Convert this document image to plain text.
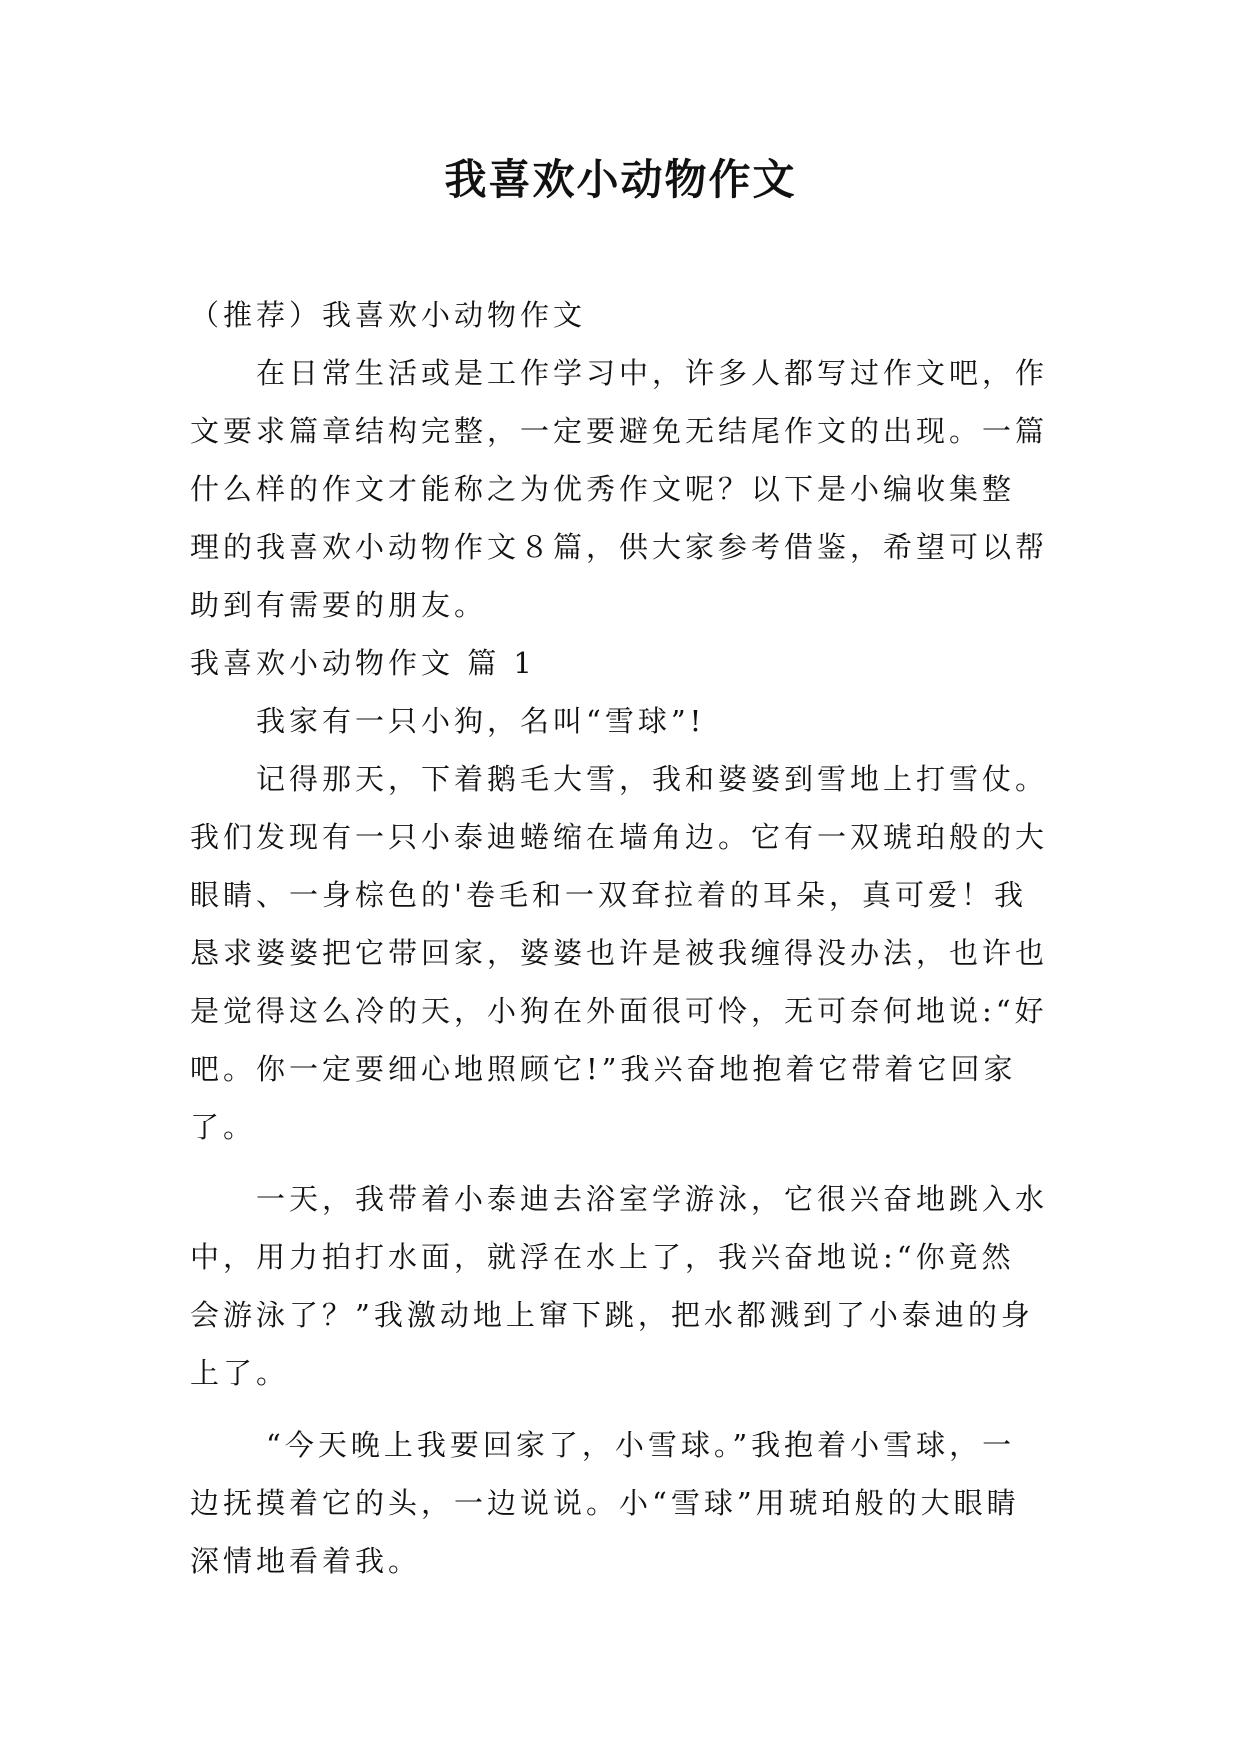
我喜欢小动物作文

（推荐）我喜欢小动物作文

在日常生活或是工作学习中，许多人都写过作文吧，作

文要求篇章结构完整，一定要避免无结尾作文的出现。一篇

什么样的作文才能称之为优秀作文呢？以下是小编收集整

理的我喜欢小动物作文８篇，供大家参考借鉴，希望可以帮

助到有需要的朋友。

我喜欢小动物作文 篇 1

我家有一只小狗，名叫“雪球”!

记得那天，下着鹅毛大雪，我和婆婆到雪地上打雪仗。

我们发现有一只小泰迪蜷缩在墙角边。它有一双琥珀般的大

眼睛、一身棕色的'卷毛和一双耷拉着的耳朵，真可爱！我

恳求婆婆把它带回家，婆婆也许是被我缠得没办法，也许也

是觉得这么冷的天，小狗在外面很可怜，无可奈何地说:“好

吧。你一定要细心地照顾它!”我兴奋地抱着它带着它回家

了。

一天，我带着小泰迪去浴室学游泳，它很兴奋地跳入水

中，用力拍打水面，就浮在水上了，我兴奋地说:“你竟然

会游泳了？”我激动地上窜下跳，把水都溅到了小泰迪的身

上了。

“今天晚上我要回家了，小雪球。”我抱着小雪球，一

边抚摸着它的头，一边说说。小“雪球”用琥珀般的大眼睛

深情地看着我。
